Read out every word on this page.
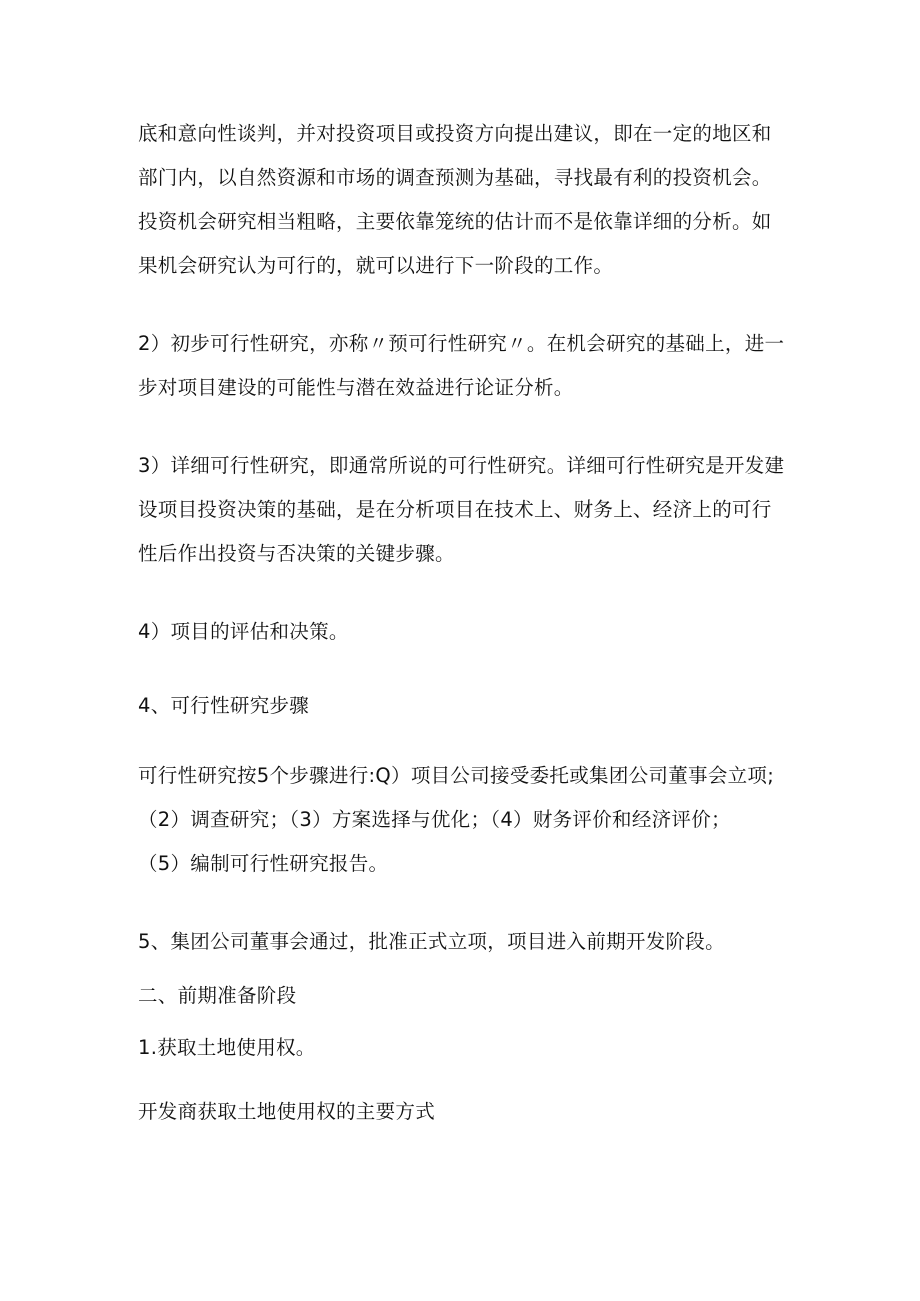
底和意向性谈判，并对投资项目或投资方向提出建议，即在一定的地区和
部门内，以自然资源和市场的调查预测为基础，寻找最有利的投资机会。
投资机会研究相当粗略，主要依靠笼统的估计而不是依靠详细的分析。如
果机会研究认为可行的，就可以进行下一阶段的工作。
2）初步可行性研究，亦称〃预可行性研究〃。在机会研究的基础上，进一
步对项目建设的可能性与潜在效益进行论证分析。
3）详细可行性研究，即通常所说的可行性研究。详细可行性研究是开发建
设项目投资决策的基础，是在分析项目在技术上、财务上、经济上的可行
性后作出投资与否决策的关键步骤。
4）项目的评估和决策。
4、可行性研究步骤
可行性研究按5个步骤进行:Q）项目公司接受委托或集团公司董事会立项;
（2）调查研究；（3）方案选择与优化；（4）财务评价和经济评价；
（5）编制可行性研究报告。
5、集团公司董事会通过，批准正式立项，项目进入前期开发阶段。
二、前期准备阶段
1.获取土地使用权。
开发商获取土地使用权的主要方式
